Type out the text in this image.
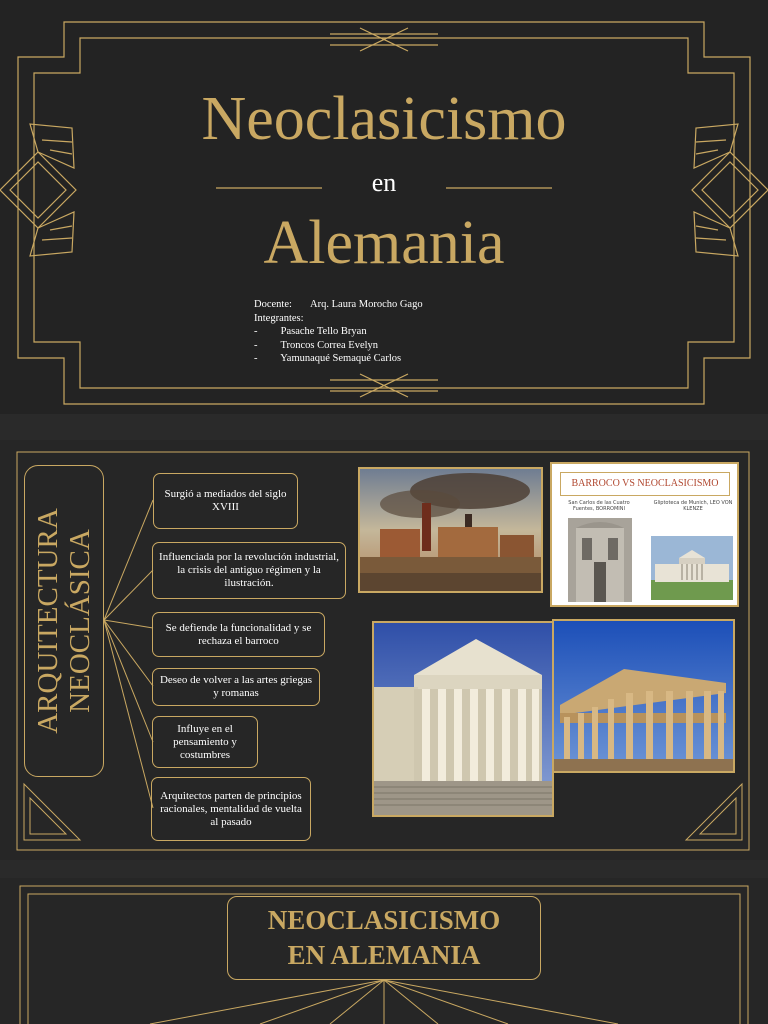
Neoclasicismo
en
Alemania
Docente: Arq. Laura Morocho Gago
Integrantes:
- Pasache Tello Bryan
- Troncos Correa Evelyn
- Yamunaqué Semaqué Carlos
ARQUITECTURA NEOCLÁSICA
Surgió a mediados del siglo XVIII
Influenciada por la revolución industrial, la crisis del antiguo régimen y la ilustración.
Se defiende la funcionalidad y se rechaza el barroco
Deseo de volver a las artes griegas y romanas
Influye en el pensamiento y costumbres
Arquitectos parten de principios racionales, mentalidad de vuelta al pasado
BARROCO VS NEOCLASICISMO
San Carlos de las Cuatro Fuentes, BORROMINI
Gliptoteca de Munich, LEO VON KLENZE
NEOCLASICISMO
EN ALEMANIA
